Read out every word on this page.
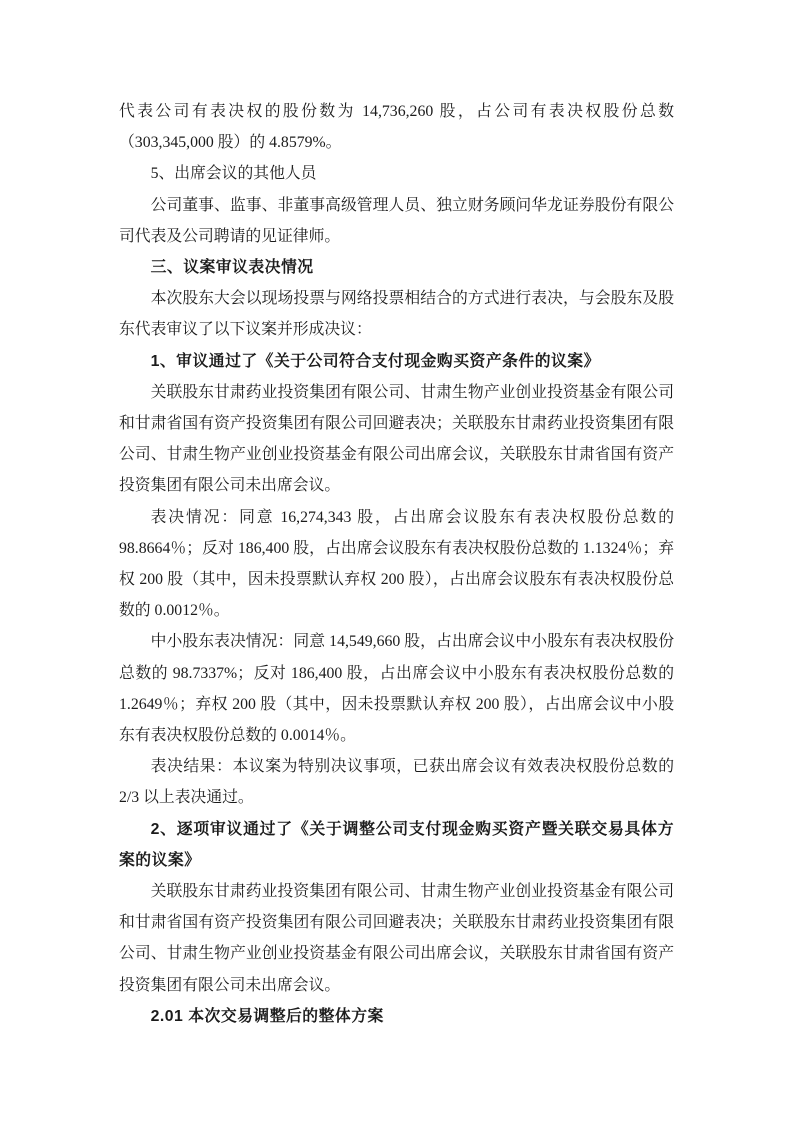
代表公司有表决权的股份数为 14,736,260 股，占公司有表决权股份总数（303,345,000 股）的 4.8579%。

5、出席会议的其他人员

公司董事、监事、非董事高级管理人员、独立财务顾问华龙证券股份有限公司代表及公司聘请的见证律师。

三、议案审议表决情况

本次股东大会以现场投票与网络投票相结合的方式进行表决，与会股东及股东代表审议了以下议案并形成决议：

1、审议通过了《关于公司符合支付现金购买资产条件的议案》

关联股东甘肃药业投资集团有限公司、甘肃生物产业创业投资基金有限公司和甘肃省国有资产投资集团有限公司回避表决；关联股东甘肃药业投资集团有限公司、甘肃生物产业创业投资基金有限公司出席会议，关联股东甘肃省国有资产投资集团有限公司未出席会议。

表决情况：同意 16,274,343 股，占出席会议股东有表决权股份总数的 98.8664％；反对 186,400 股，占出席会议股东有表决权股份总数的 1.1324％；弃权 200 股（其中，因未投票默认弃权 200 股），占出席会议股东有表决权股份总数的 0.0012％。

中小股东表决情况：同意 14,549,660 股，占出席会议中小股东有表决权股份总数的 98.7337%；反对 186,400 股，占出席会议中小股东有表决权股份总数的 1.2649％；弃权 200 股（其中，因未投票默认弃权 200 股），占出席会议中小股东有表决权股份总数的 0.0014％。

表决结果：本议案为特别决议事项，已获出席会议有效表决权股份总数的 2/3 以上表决通过。

2、逐项审议通过了《关于调整公司支付现金购买资产暨关联交易具体方案的议案》

关联股东甘肃药业投资集团有限公司、甘肃生物产业创业投资基金有限公司和甘肃省国有资产投资集团有限公司回避表决；关联股东甘肃药业投资集团有限公司、甘肃生物产业创业投资基金有限公司出席会议，关联股东甘肃省国有资产投资集团有限公司未出席会议。

2.01 本次交易调整后的整体方案
